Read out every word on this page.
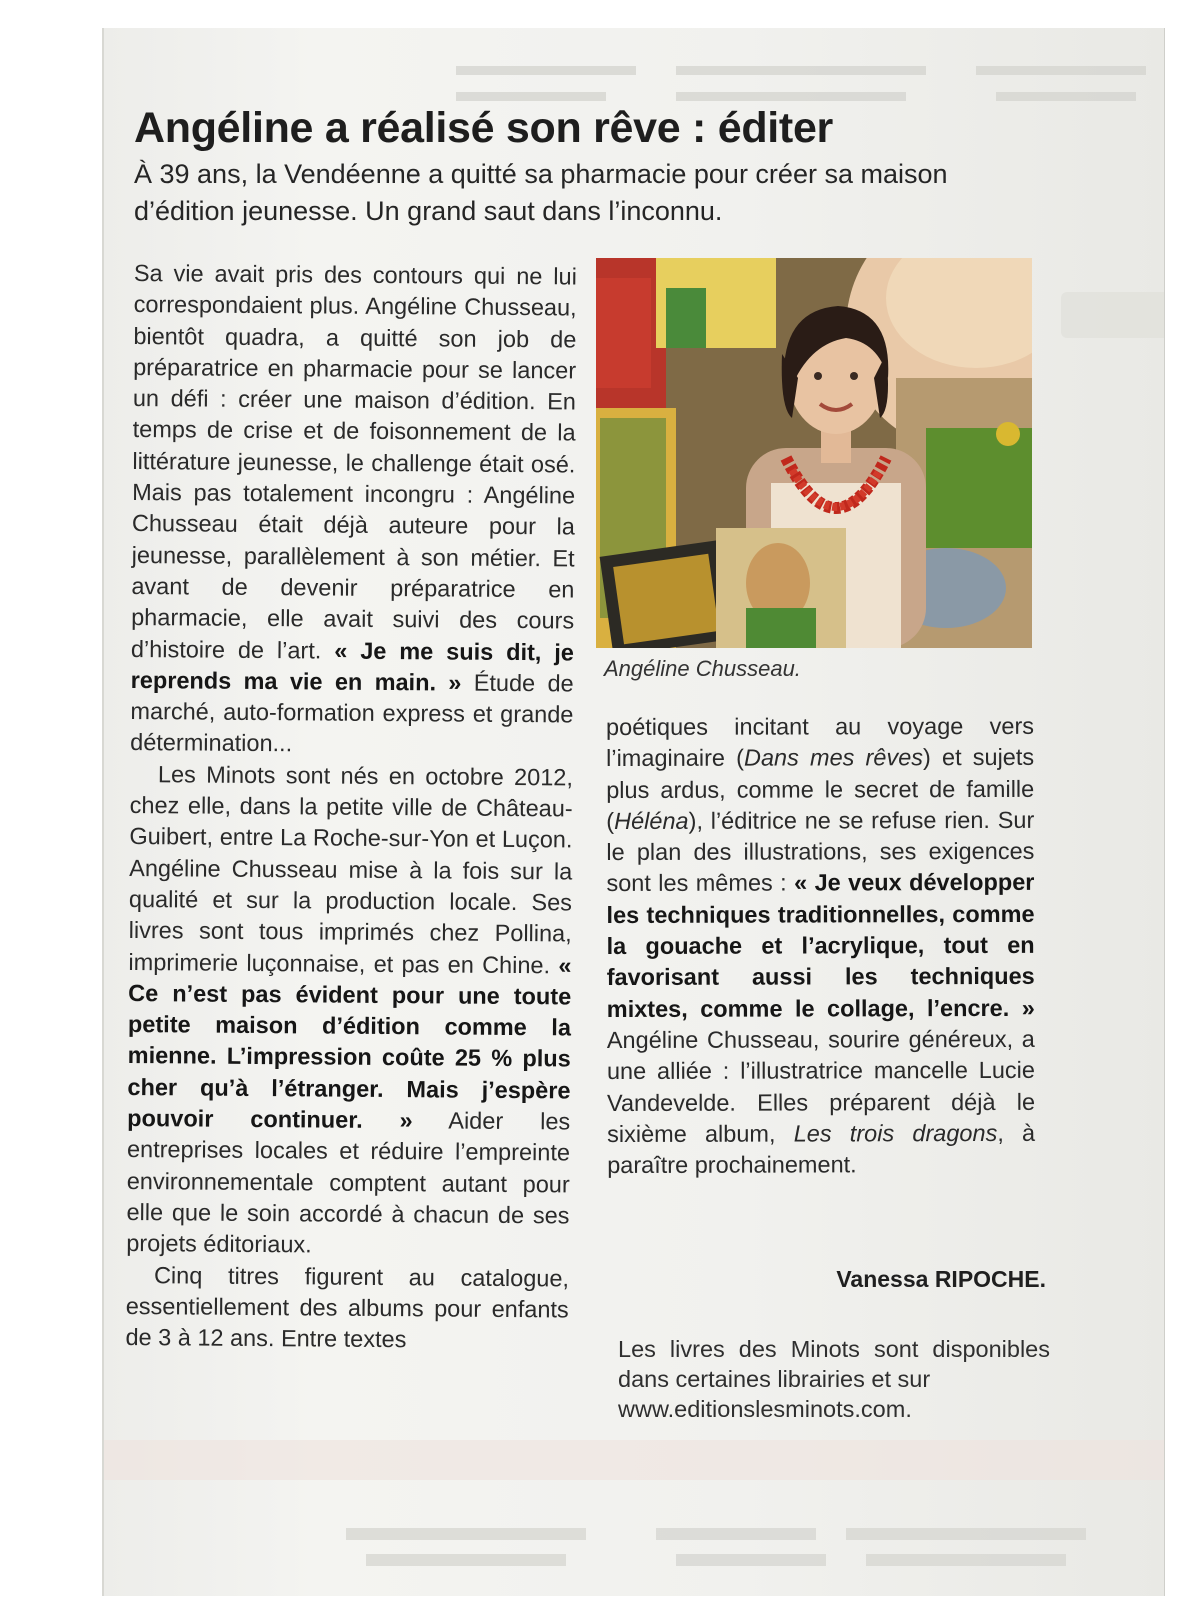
Angéline a réalisé son rêve : éditer

À 39 ans, la Vendéenne a quitté sa pharmacie pour créer sa maison d’édition jeunesse. Un grand saut dans l’inconnu.

Sa vie avait pris des contours qui ne lui correspondaient plus. Angéline Chusseau, bientôt quadra, a quitté son job de préparatrice en pharmacie pour se lancer un défi : créer une maison d’édition. En temps de crise et de foisonnement de la littérature jeunesse, le challenge était osé. Mais pas totalement incongru : Angéline Chusseau était déjà auteure pour la jeunesse, parallèlement à son métier. Et avant de devenir préparatrice en pharmacie, elle avait suivi des cours d’histoire de l’art. « Je me suis dit, je reprends ma vie en main. » Étude de marché, auto-formation express et grande détermination...

Les Minots sont nés en octobre 2012, chez elle, dans la petite ville de Château-Guibert, entre La Roche-sur-Yon et Luçon. Angéline Chusseau mise à la fois sur la qualité et sur la production locale. Ses livres sont tous imprimés chez Pollina, imprimerie luçonnaise, et pas en Chine. « Ce n’est pas évident pour une toute petite maison d’édition comme la mienne. L’impression coûte 25 % plus cher qu’à l’étranger. Mais j’espère pouvoir continuer. » Aider les entreprises locales et réduire l’empreinte environnementale comptent autant pour elle que le soin accordé à chacun de ses projets éditoriaux.

Cinq titres figurent au catalogue, essentiellement des albums pour enfants de 3 à 12 ans. Entre textes

Angéline Chusseau.

poétiques incitant au voyage vers l’imaginaire (Dans mes rêves) et sujets plus ardus, comme le secret de famille (Héléna), l’éditrice ne se refuse rien. Sur le plan des illustrations, ses exigences sont les mêmes : « Je veux développer les techniques traditionnelles, comme la gouache et l’acrylique, tout en favorisant aussi les techniques mixtes, comme le collage, l’encre. » Angéline Chusseau, sourire généreux, a une alliée : l’illustratrice mancelle Lucie Vandevelde. Elles préparent déjà le sixième album, Les trois dragons, à paraître prochainement.

Vanessa RIPOCHE.

Les livres des Minots sont disponibles dans certaines librairies et sur
www.editionslesminots.com.
